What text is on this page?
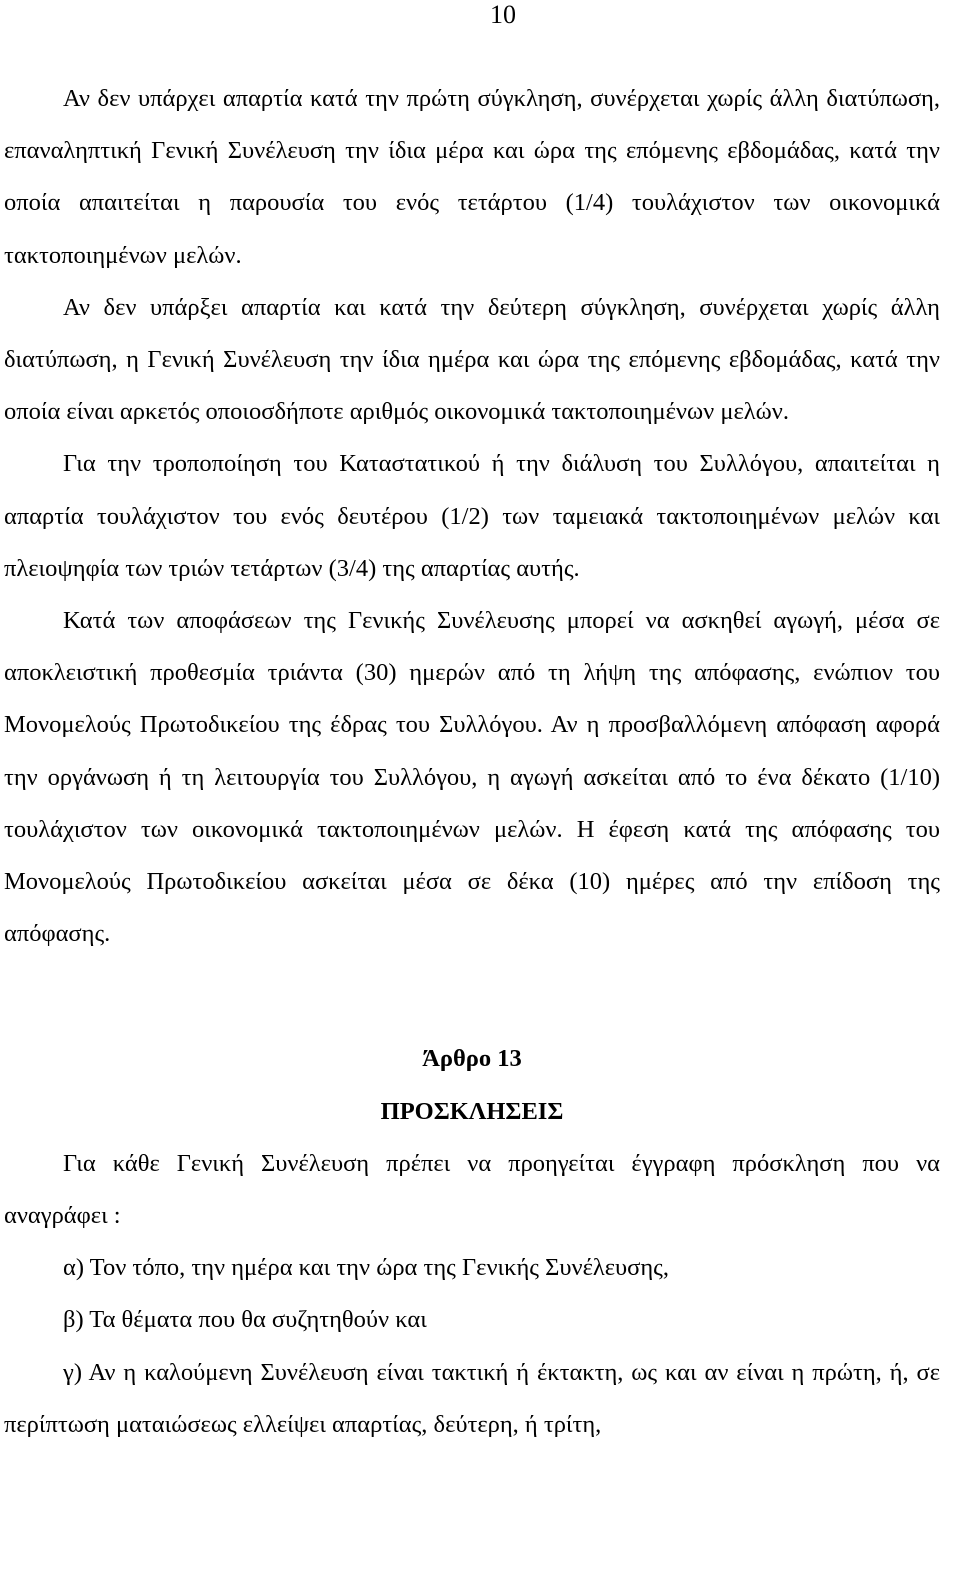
10

Αν δεν υπάρχει απαρτία κατά την πρώτη σύγκληση, συνέρχεται χωρίς άλλη διατύπωση, επαναληπτική Γενική Συνέλευση την ίδια μέρα και ώρα της επόμενης εβδομάδας, κατά την οποία απαιτείται η παρουσία του ενός τετάρτου (1/4) τουλάχιστον των οικονομικά τακτοποιημένων μελών.

Αν δεν υπάρξει απαρτία και κατά την δεύτερη σύγκληση, συνέρχεται χωρίς άλλη διατύπωση, η Γενική Συνέλευση την ίδια ημέρα και ώρα της επόμενης εβδομάδας, κατά την οποία είναι αρκετός οποιοσδήποτε αριθμός οικονομικά τακτοποιημένων μελών.

Για την τροποποίηση του Καταστατικού ή την διάλυση του Συλλόγου, απαιτείται η απαρτία τουλάχιστον του ενός δευτέρου (1/2) των ταμειακά τακτοποιημένων μελών και πλειοψηφία των τριών τετάρτων (3/4) της απαρτίας αυτής.

Κατά των αποφάσεων της Γενικής Συνέλευσης μπορεί να ασκηθεί αγωγή, μέσα σε αποκλειστική προθεσμία τριάντα (30) ημερών από τη λήψη της απόφασης, ενώπιον του Μονομελούς Πρωτοδικείου της έδρας του Συλλόγου. Αν η προσβαλλόμενη απόφαση αφορά την οργάνωση ή τη λειτουργία του Συλλόγου, η αγωγή ασκείται από το ένα δέκατο (1/10) τουλάχιστον των οικονομικά τακτοποιημένων μελών. Η έφεση κατά της απόφασης του Μονομελούς Πρωτοδικείου ασκείται μέσα σε δέκα (10) ημέρες από την επίδοση της απόφασης.

Άρθρο 13

ΠΡΟΣΚΛΗΣΕΙΣ

Για κάθε Γενική Συνέλευση πρέπει να προηγείται έγγραφη πρόσκληση που να αναγράφει :

α) Τον τόπο, την ημέρα και την ώρα της Γενικής Συνέλευσης,
β) Τα θέματα που θα συζητηθούν και
γ) Αν η καλούμενη Συνέλευση είναι τακτική ή έκτακτη, ως και αν είναι η πρώτη, ή, σε περίπτωση ματαιώσεως ελλείψει απαρτίας, δεύτερη, ή τρίτη,
